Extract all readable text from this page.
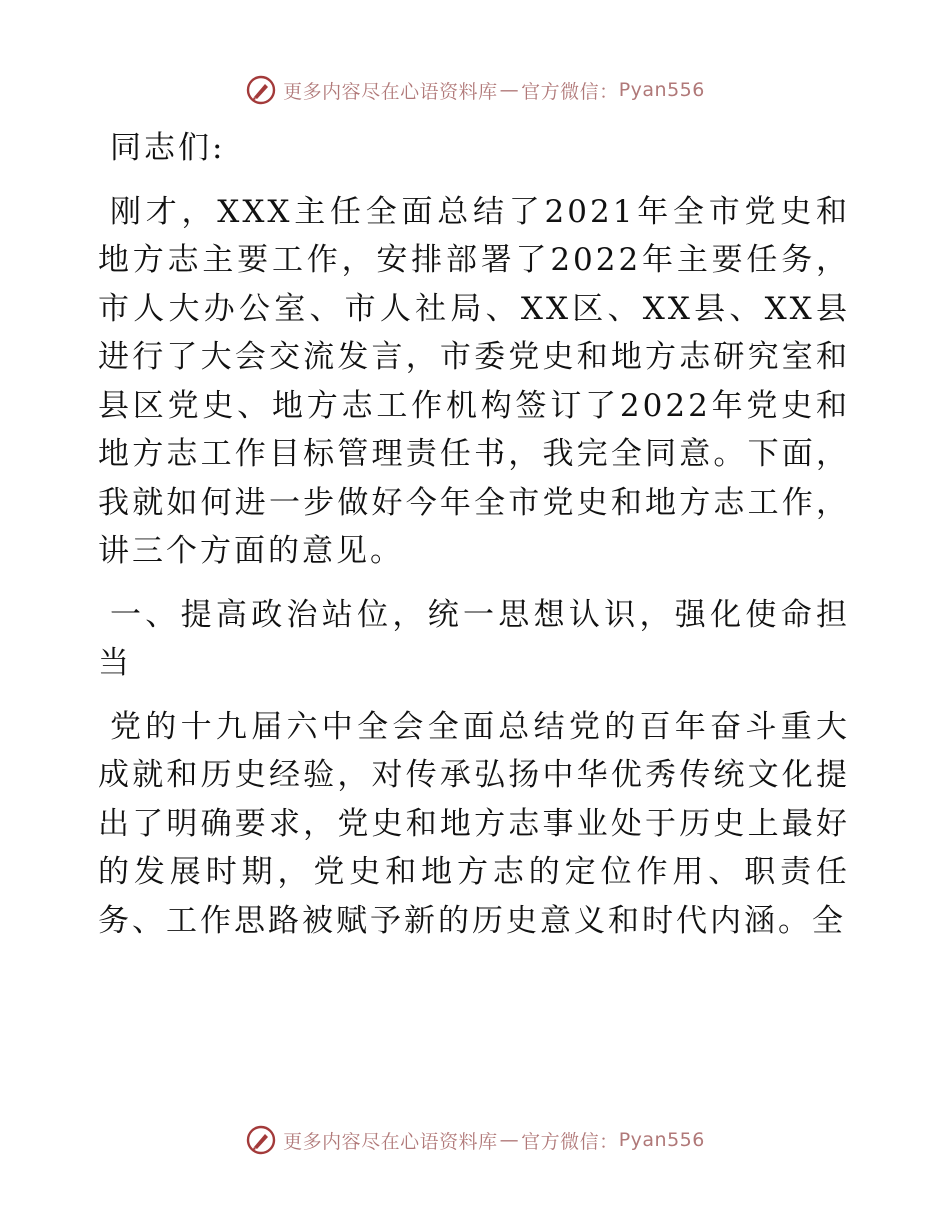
更多内容尽在心语资料库 — 官方微信： Pyan556

同志们:

刚才，XXX主任全面总结了2021年全市党史和地方志主要工作，安排部署了2022年主要任务，市人大办公室、市人社局、XX区、XX县、XX县进行了大会交流发言，市委党史和地方志研究室和县区党史、地方志工作机构签订了2022年党史和地方志工作目标管理责任书，我完全同意。下面，我就如何进一步做好今年全市党史和地方志工作，讲三个方面的意见。

一、提高政治站位，统一思想认识，强化使命担当

党的十九届六中全会全面总结党的百年奋斗重大成就和历史经验，对传承弘扬中华优秀传统文化提出了明确要求，党史和地方志事业处于历史上最好的发展时期，党史和地方志的定位作用、职责任务、工作思路被赋予新的历史意义和时代内涵。全

更多内容尽在心语资料库 — 官方微信： Pyan556
